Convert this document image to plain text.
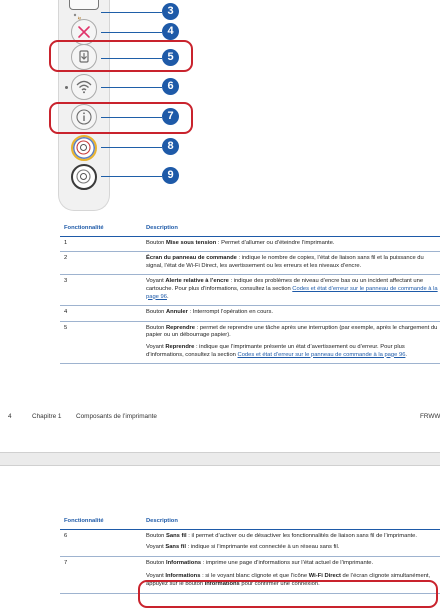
3
4
5
6
7
8
9
Fonctionnalité	Description
1	Bouton Mise sous tension : Permet d’allumer ou d’éteindre l’imprimante.

2	Écran du panneau de commande : indique le nombre de copies, l’état de liaison sans fil et la puissance du signal, l’état de Wi-Fi Direct, les avertissement ou les erreurs et les niveaux d’encre.

3	Voyant Alerte relative à l’encre : indique des problèmes de niveau d’encre bas ou un incident affectant une cartouche. Pour plus d’informations, consultez la section Codes et état d’erreur sur le panneau de commande à la page 96.

4	Bouton Annuler : Interrompt l’opération en cours.

5	Bouton Reprendre : permet de reprendre une tâche après une interruption (par exemple, après le chargement du papier ou un débourrage papier).

Voyant Reprendre : indique que l’imprimante présente un état d’avertissement ou d’erreur. Pour plus d’informations, consultez la section Codes et état d’erreur sur le panneau de commande à la page 96.

4	Chapitre 1 Composants de l’imprimante	FRWW
Fonctionnalité	Description
6	Bouton Sans fil : il permet d’activer ou de désactiver les fonctionnalités de liaison sans fil de l’imprimante.

Voyant Sans fil : indique si l’imprimante est connectée à un réseau sans fil.

7	Bouton Informations : imprime une page d’informations sur l’état actuel de l’imprimante.

Voyant Informations : si le voyant blanc clignote et que l’icône Wi-Fi Direct de l’écran clignote simultanément, appuyez sur le bouton Informations pour confirmer une connexion.
